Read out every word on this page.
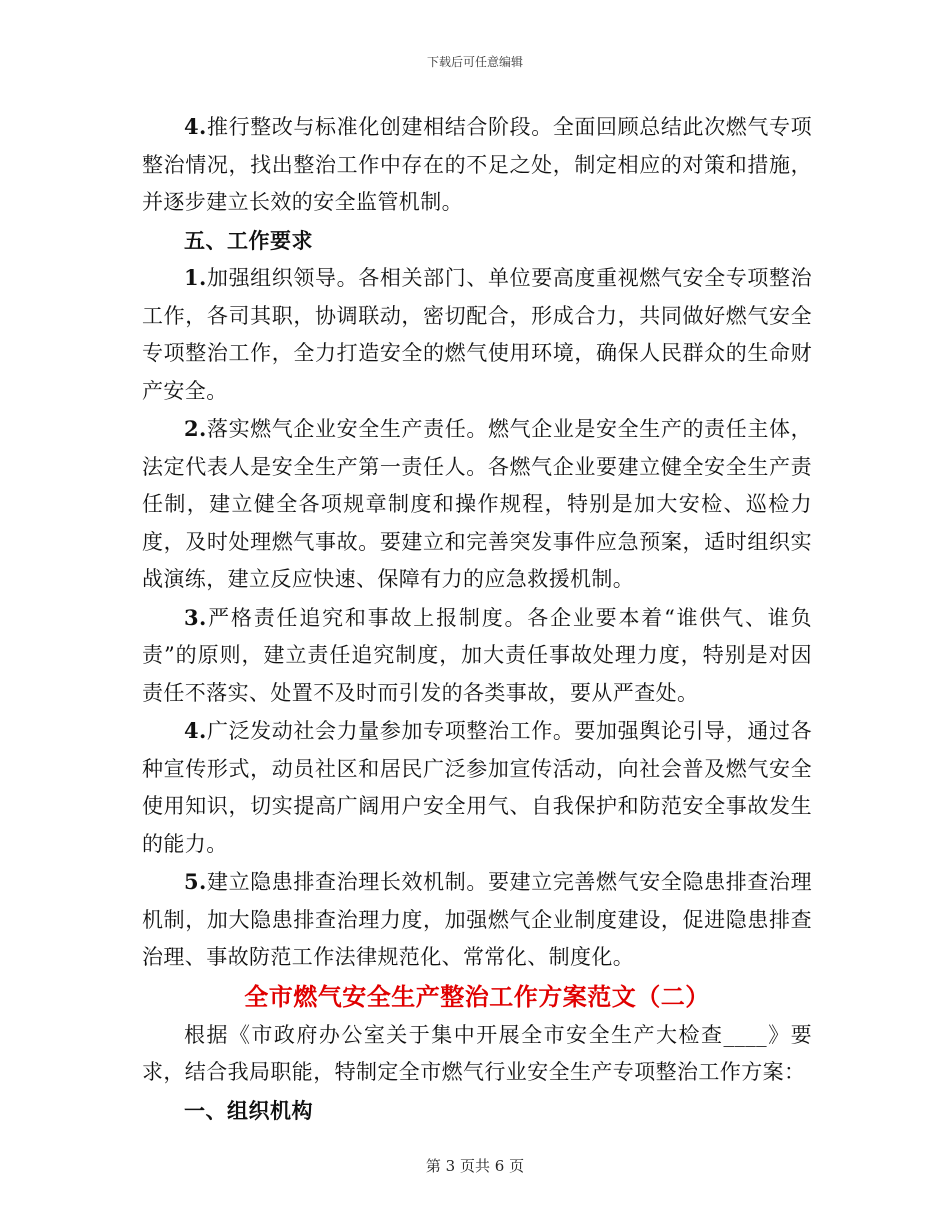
下载后可任意编辑

4.推行整改与标准化创建相结合阶段。全面回顾总结此次燃气专项整治情况，找出整治工作中存在的不足之处，制定相应的对策和措施，并逐步建立长效的安全监管机制。

五、工作要求

1.加强组织领导。各相关部门、单位要高度重视燃气安全专项整治工作，各司其职，协调联动，密切配合，形成合力，共同做好燃气安全专项整治工作，全力打造安全的燃气使用环境，确保人民群众的生命财产安全。

2.落实燃气企业安全生产责任。燃气企业是安全生产的责任主体，法定代表人是安全生产第一责任人。各燃气企业要建立健全安全生产责任制，建立健全各项规章制度和操作规程，特别是加大安检、巡检力度，及时处理燃气事故。要建立和完善突发事件应急预案，适时组织实战演练，建立反应快速、保障有力的应急救援机制。

3.严格责任追究和事故上报制度。各企业要本着“谁供气、谁负责”的原则，建立责任追究制度，加大责任事故处理力度，特别是对因责任不落实、处置不及时而引发的各类事故，要从严查处。

4.广泛发动社会力量参加专项整治工作。要加强舆论引导，通过各种宣传形式，动员社区和居民广泛参加宣传活动，向社会普及燃气安全使用知识，切实提高广阔用户安全用气、自我保护和防范安全事故发生的能力。

5.建立隐患排查治理长效机制。要建立完善燃气安全隐患排查治理机制，加大隐患排查治理力度，加强燃气企业制度建设，促进隐患排查治理、事故防范工作法律规范化、常常化、制度化。

全市燃气安全生产整治工作方案范文（二）

根据《市政府办公室关于集中开展全市安全生产大检查____》要求，结合我局职能，特制定全市燃气行业安全生产专项整治工作方案：

一、组织机构

第 3 页共 6 页
